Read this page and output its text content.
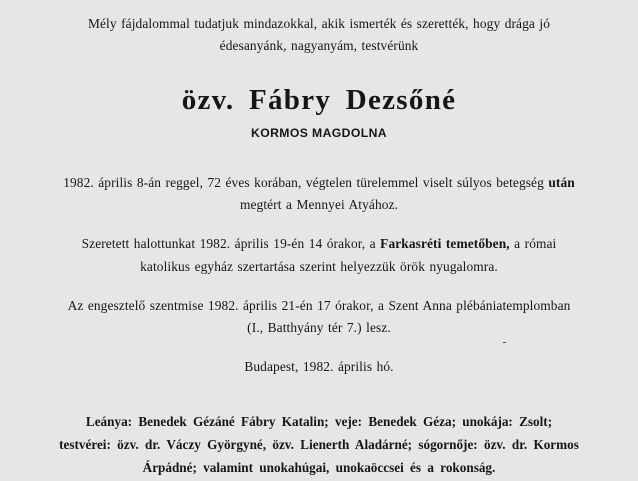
Mély fájdalommal tudatjuk mindazokkal, akik ismerték és szerették, hogy drága jó
édesanyánk, nagyanyám, testvérünk
özv. Fábry Dezsőné
KORMOS MAGDOLNA
1982. április 8-án reggel, 72 éves korában, végtelen türelemmel viselt súlyos betegség után
megtért a Mennyei Atyához.
Szeretett halottunkat 1982. április 19-én 14 órakor, a Farkasréti temetőben, a római
katolikus egyház szertartása szerint helyezzük örök nyugalomra.
Az engesztelő szentmise 1982. április 21-én 17 órakor, a Szent Anna plébániatemplomban
(I., Batthyány tér 7.) lesz.
Budapest, 1982. április hó.
Leánya: Benedek Gézáné Fábry Katalin; veje: Benedek Géza; unokája: Zsolt;
testvérei: özv. dr. Váczy Györgyné, özv. Lienerth Aladárné; sógornője: özv. dr. Kormos
Árpádné; valamint unokahúgai, unokaöccsei és a rokonság.
